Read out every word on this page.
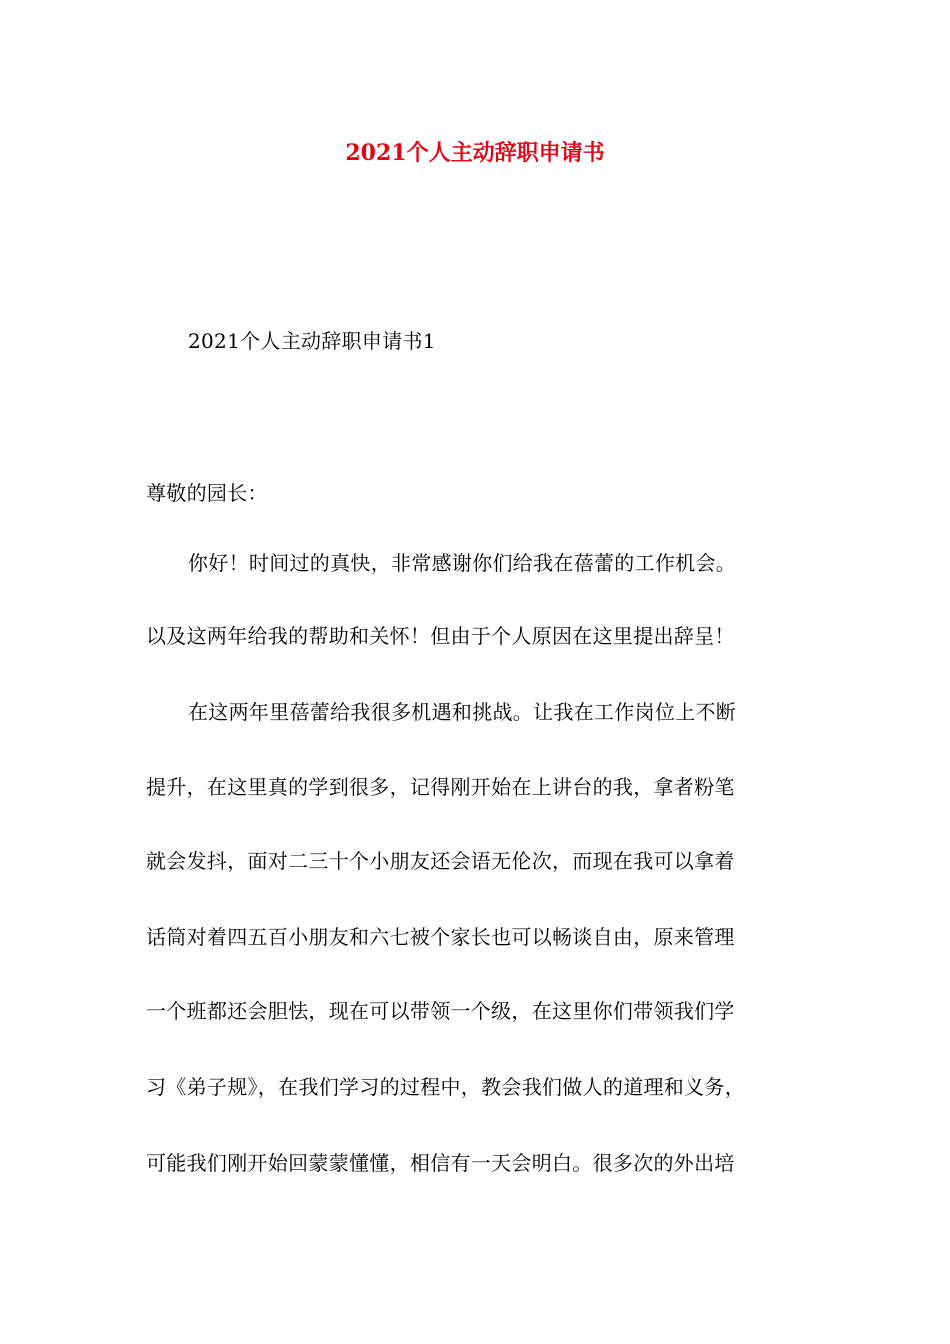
2021个人主动辞职申请书
2021个人主动辞职申请书1
尊敬的园长：
你好！时间过的真快，非常感谢你们给我在蓓蕾的工作机会。
以及这两年给我的帮助和关怀！但由于个人原因在这里提出辞呈！
在这两年里蓓蕾给我很多机遇和挑战。让我在工作岗位上不断
提升，在这里真的学到很多，记得刚开始在上讲台的我，拿者粉笔
就会发抖，面对二三十个小朋友还会语无伦次，而现在我可以拿着
话筒对着四五百小朋友和六七被个家长也可以畅谈自由，原来管理
一个班都还会胆怯，现在可以带领一个级，在这里你们带领我们学
习《弟子规》，在我们学习的过程中，教会我们做人的道理和义务，
可能我们刚开始回蒙蒙懂懂，相信有一天会明白。很多次的外出培
